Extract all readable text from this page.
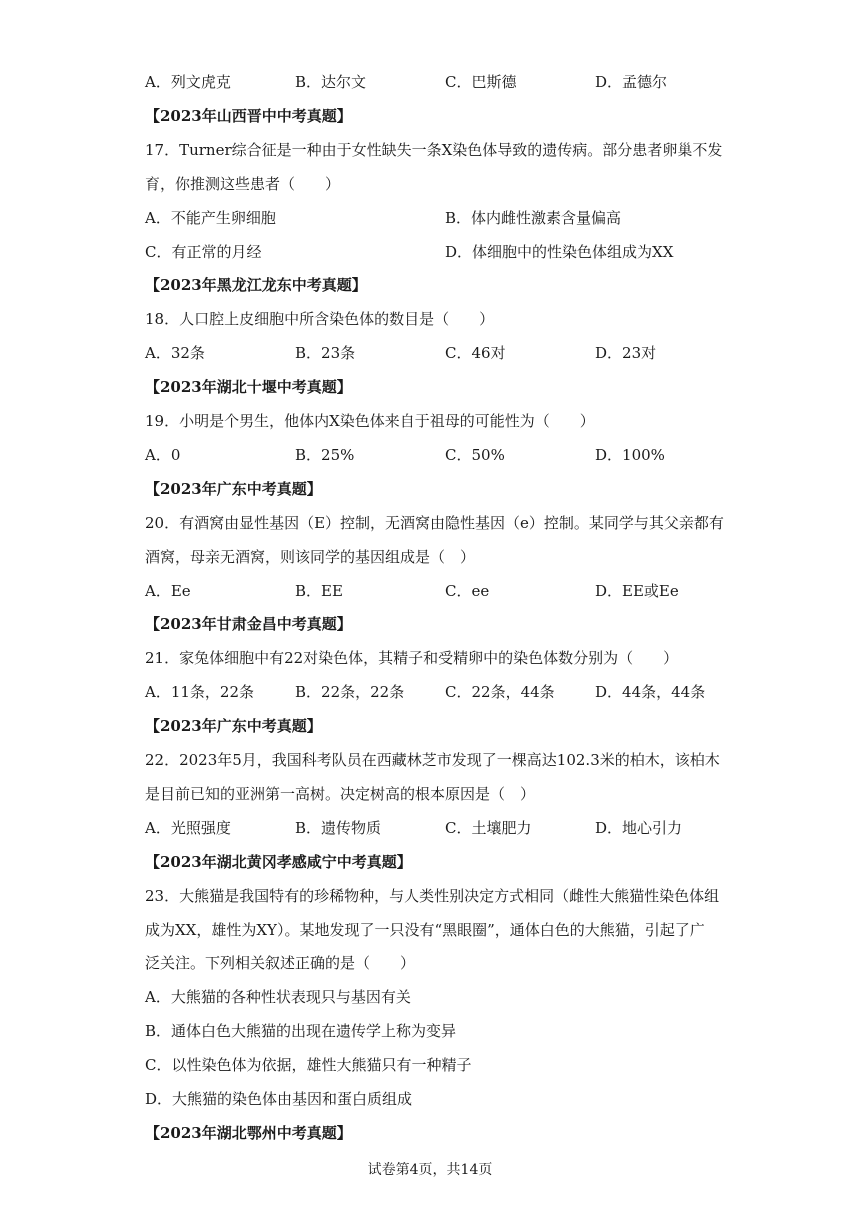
A．列文虎克	B．达尔文	C．巴斯德	D．孟德尔
【2023年山西晋中中考真题】
17．Turner综合征是一种由于女性缺失一条X染色体导致的遗传病。部分患者卵巢不发
育，你推测这些患者（　　）
A．不能产生卵细胞	B．体内雌性激素含量偏高
C．有正常的月经	D．体细胞中的性染色体组成为XX
【2023年黑龙江龙东中考真题】
18．人口腔上皮细胞中所含染色体的数目是（　　）
A．32条	B．23条	C．46对	D．23对
【2023年湖北十堰中考真题】
19．小明是个男生，他体内X染色体来自于祖母的可能性为（　　）
A．0	B．25%	C．50%	D．100%
【2023年广东中考真题】
20．有酒窝由显性基因（E）控制，无酒窝由隐性基因（e）控制。某同学与其父亲都有
酒窝，母亲无酒窝，则该同学的基因组成是（　）
A．Ee	B．EE	C．ee	D．EE或Ee
【2023年甘肃金昌中考真题】
21．家兔体细胞中有22对染色体，其精子和受精卵中的染色体数分别为（　　）
A．11条，22条	B．22条，22条	C．22条，44条	D．44条，44条
【2023年广东中考真题】
22．2023年5月，我国科考队员在西藏林芝市发现了一棵高达102.3米的柏木，该柏木
是目前已知的亚洲第一高树。决定树高的根本原因是（　）
A．光照强度	B．遗传物质	C．土壤肥力	D．地心引力
【2023年湖北黄冈孝感咸宁中考真题】
23．大熊猫是我国特有的珍稀物种，与人类性别决定方式相同（雌性大熊猫性染色体组
成为XX，雄性为XY）。某地发现了一只没有“黑眼圈”，通体白色的大熊猫，引起了广
泛关注。下列相关叙述正确的是（　　）
A．大熊猫的各种性状表现只与基因有关
B．通体白色大熊猫的出现在遗传学上称为变异
C．以性染色体为依据，雄性大熊猫只有一种精子
D．大熊猫的染色体由基因和蛋白质组成
【2023年湖北鄂州中考真题】
试卷第4页，共14页
